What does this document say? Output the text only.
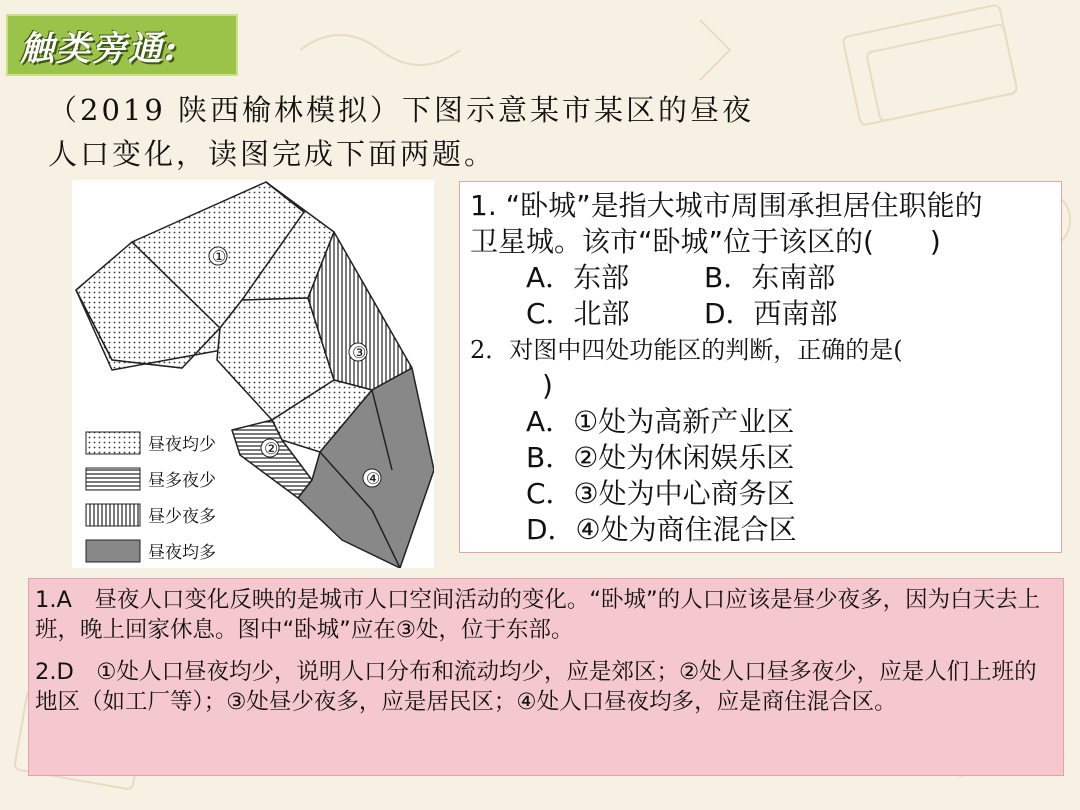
触类旁通:
（2019 陕西榆林模拟）下图示意某市某区的昼夜
人口变化，读图完成下面两题。
①
③
②
④
昼夜均少
昼多夜少
昼少夜多
昼夜均多
1. “卧城”是指大城市周围承担居住职能的
卫星城。该市“卧城”位于该区的(　　)
A．东部	B．东南部
C．北部	D．西南部
2．对图中四处功能区的判断，正确的是(
)
A．①处为高新产业区
B．②处为休闲娱乐区
C．③处为中心商务区
D．④处为商住混合区

1.A　昼夜人口变化反映的是城市人口空间活动的变化。“卧城”的人口应该是昼少夜多，因为白天去上班，晚上回家休息。图中“卧城”应在③处，位于东部。

2.D　①处人口昼夜均少，说明人口分布和流动均少，应是郊区；②处人口昼多夜少，应是人们上班的地区（如工厂等）；③处昼少夜多，应是居民区；④处人口昼夜均多，应是商住混合区。
